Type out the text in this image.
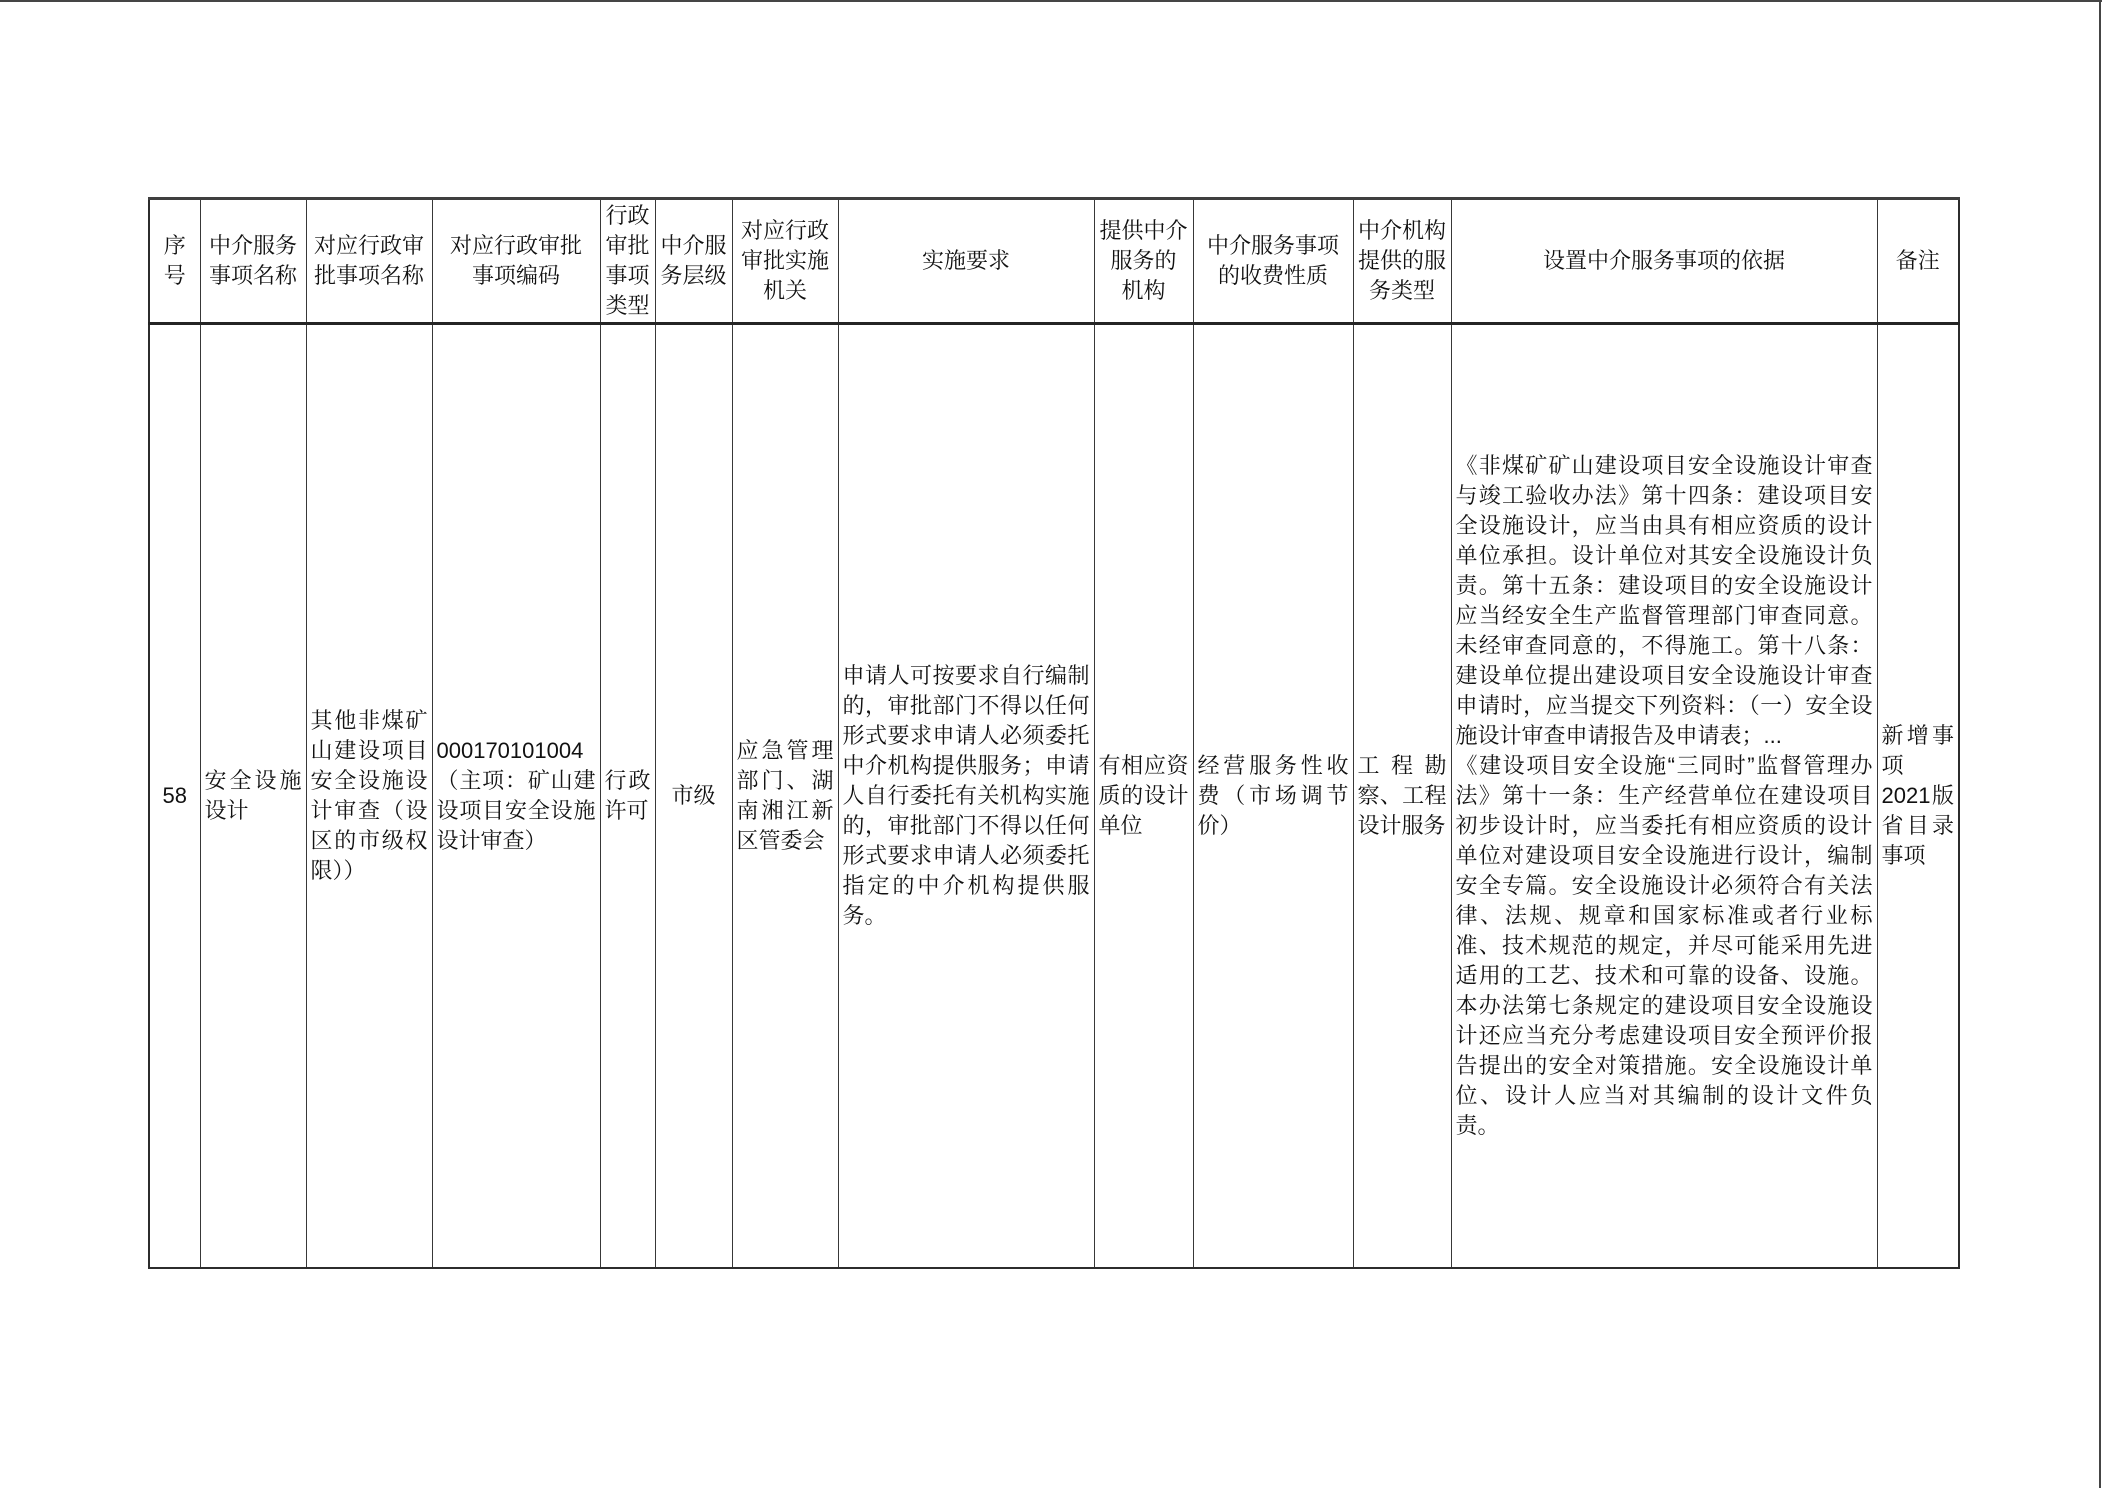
序号	中介服务事项名称	对应行政审批事项名称	对应行政审批
事项编码	行政审批事项类型	中介服务层级	对应行政审批实施机关	实施要求	提供中介
服务的
机构	中介服务事项的收费性质	中介机构提供的服务类型	设置中介服务事项的依据	备注
58	安全设施设计	其他非煤矿山建设项目安全设施设计审查（设区的市级权限））	000170101004
（主项：矿山建设项目安全设施设计审查）	行政许可	市级	应急管理部门、湖南湘江新区管委会	申请人可按要求自行编制的，审批部门不得以任何形式要求申请人必须委托中介机构提供服务；申请人自行委托有关机构实施的，审批部门不得以任何形式要求申请人必须委托指定的中介机构提供服务。	有相应资质的设计单位	经营服务性收费（市场调节价）	工程勘察、工程设计服务	《非煤矿矿山建设项目安全设施设计审查与竣工验收办法》第十四条：建设项目安全设施设计，应当由具有相应资质的设计单位承担。设计单位对其安全设施设计负责。第十五条：建设项目的安全设施设计应当经安全生产监督管理部门审查同意。未经审查同意的，不得施工。第十八条：建设单位提出建设项目安全设施设计审查申请时，应当提交下列资料：（一）安全设施设计审查申请报告及申请表；...
《建设项目安全设施“三同时”监督管理办法》第十一条：生产经营单位在建设项目初步设计时，应当委托有相应资质的设计单位对建设项目安全设施进行设计，编制安全专篇。安全设施设计必须符合有关法律、法规、规章和国家标准或者行业标准、技术规范的规定，并尽可能采用先进适用的工艺、技术和可靠的设备、设施。本办法第七条规定的建设项目安全设施设计还应当充分考虑建设项目安全预评价报告提出的安全对策措施。安全设施设计单位、设计人应当对其编制的设计文件负责。	新增事项
2021版省目录事项
